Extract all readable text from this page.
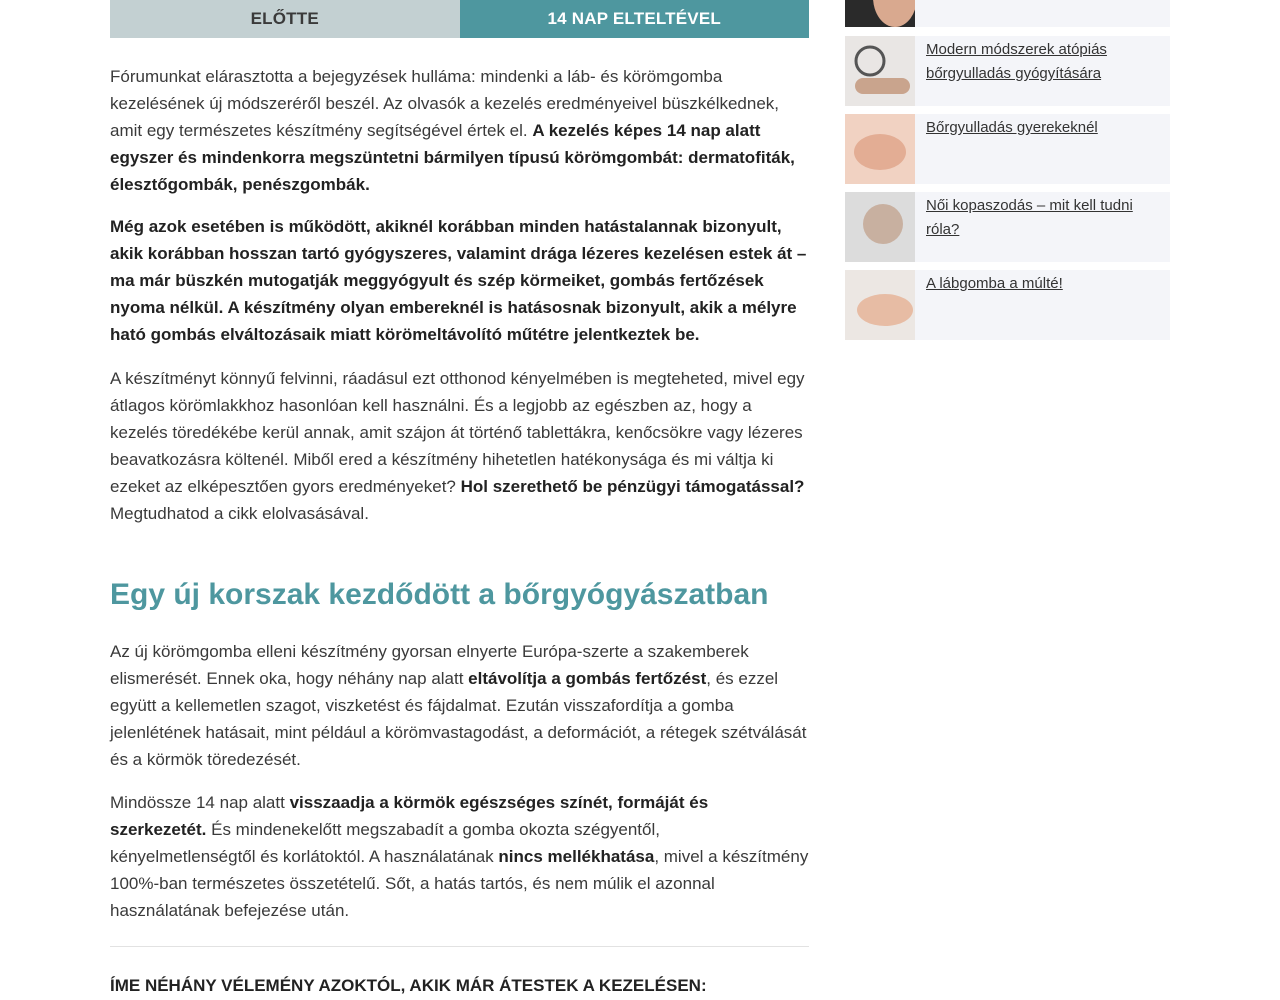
ELŐTTE	14 NAP ELTELTÉVEL

Fórumunkat elárasztotta a bejegyzések hulláma: mindenki a láb- és körömgomba kezelésének új módszeréről beszél. Az olvasók a kezelés eredményeivel büszkélkednek, amit egy természetes készítmény segítségével értek el. A kezelés képes 14 nap alatt egyszer és mindenkorra megszüntetni bármilyen típusú körömgombát: dermatofiták, élesztőgombák, penészgombák.

Még azok esetében is működött, akiknél korábban minden hatástalannak bizonyult, akik korábban hosszan tartó gyógyszeres, valamint drága lézeres kezelésen estek át – ma már büszkén mutogatják meggyógyult és szép körmeiket, gombás fertőzések nyoma nélkül. A készítmény olyan embereknél is hatásosnak bizonyult, akik a mélyre ható gombás elváltozásaik miatt körömeltávolító műtétre jelentkeztek be.

A készítményt könnyű felvinni, ráadásul ezt otthonod kényelmében is megteheted, mivel egy átlagos körömlakkhoz hasonlóan kell használni. És a legjobb az egészben az, hogy a kezelés töredékébe kerül annak, amit szájon át történő tablettákra, kenőcsökre vagy lézeres beavatkozásra költenél. Miből ered a készítmény hihetetlen hatékonysága és mi váltja ki ezeket az elképesztően gyors eredményeket? Hol szerethető be pénzügyi támogatással? Megtudhatod a cikk elolvasásával.

Egy új korszak kezdődött a bőrgyógyászatban

Az új körömgomba elleni készítmény gyorsan elnyerte Európa-szerte a szakemberek elismerését. Ennek oka, hogy néhány nap alatt eltávolítja a gombás fertőzést, és ezzel együtt a kellemetlen szagot, viszketést és fájdalmat. Ezután visszafordítja a gomba jelenlétének hatásait, mint például a körömvastagodást, a deformációt, a rétegek szétválását és a körmök töredezését.

Mindössze 14 nap alatt visszaadja a körmök egészséges színét, formáját és szerkezetét. És mindenekelőtt megszabadít a gomba okozta szégyentől, kényelmetlenségtől és korlátoktól. A használatának nincs mellékhatása, mivel a készítmény 100%-ban természetes összetételű. Sőt, a hatás tartós, és nem múlik el azonnal használatának befejezése után.

ÍME NÉHÁNY VÉLEMÉNY AZOKTÓL, AKIK MÁR ÁTESTEK A KEZELÉSEN:

Modern módszerek atópiás bőrgyulladás gyógyítására

Bőrgyulladás gyerekeknél

Női kopaszodás – mit kell tudni róla?

A lábgomba a múlté!
